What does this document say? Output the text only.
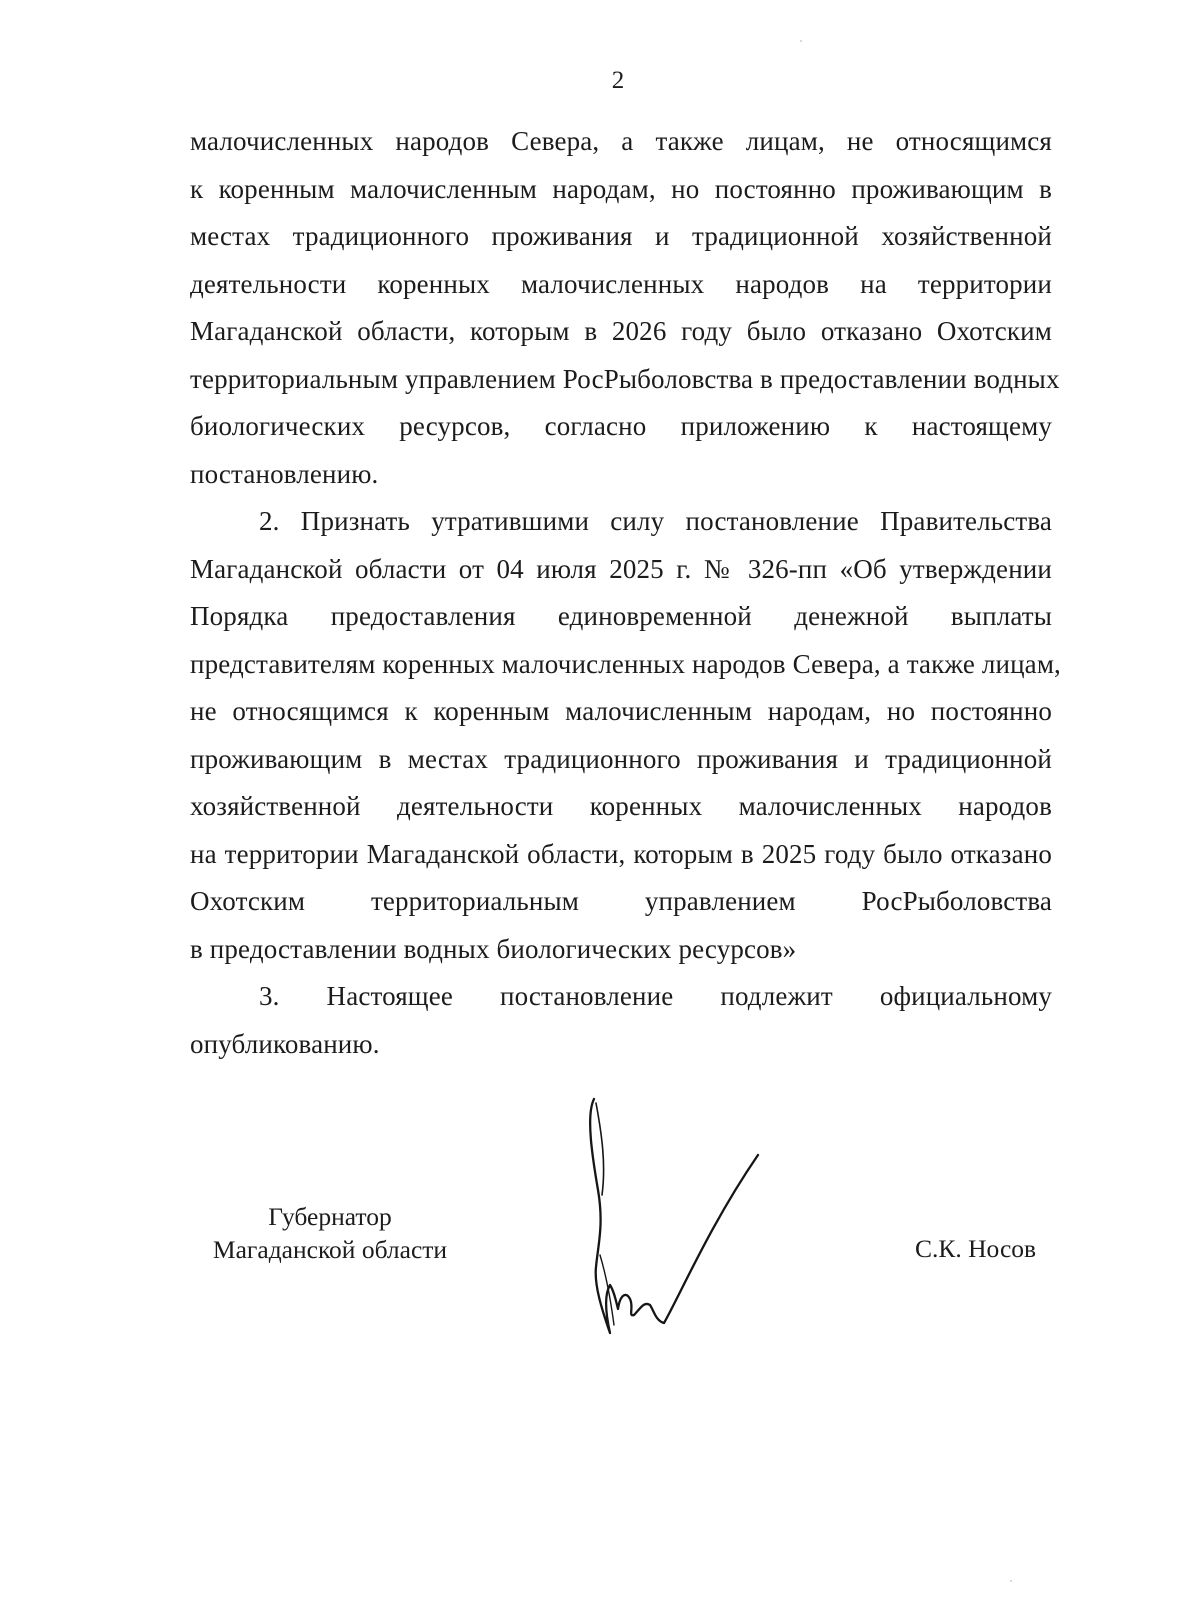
2
малочисленных народов Севера, а также лицам, не относящимся
к коренным малочисленным народам, но постоянно проживающим в
местах традиционного проживания и традиционной хозяйственной
деятельности коренных малочисленных народов на территории
Магаданской области, которым в 2026 году было отказано Охотским
территориальным управлением РосРыболовства в предоставлении водных
биологических ресурсов, согласно приложению к настоящему
постановлению.
2. Признать утратившими силу постановление Правительства
Магаданской области от 04 июля 2025 г. № 326-пп «Об утверждении
Порядка предоставления единовременной денежной выплаты
представителям коренных малочисленных народов Севера, а также лицам,
не относящимся к коренным малочисленным народам, но постоянно
проживающим в местах традиционного проживания и традиционной
хозяйственной деятельности коренных малочисленных народов
на территории Магаданской области, которым в 2025 году было отказано
Охотским территориальным управлением РосРыболовства
в предоставлении водных биологических ресурсов»
3. Настоящее постановление подлежит официальному
опубликованию.
Губернатор
Магаданской области	С.К. Носов
